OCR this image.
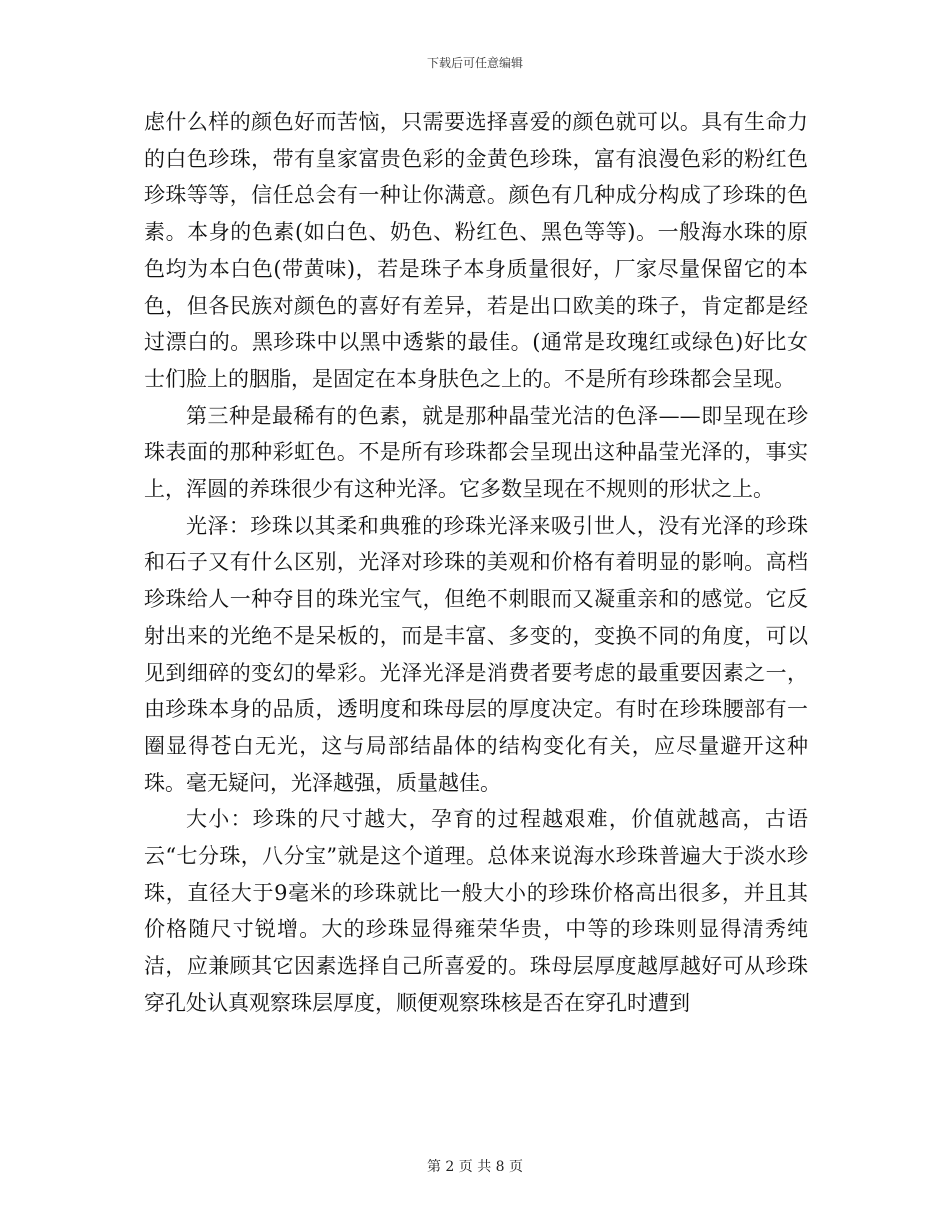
下载后可任意编辑

虑什么样的颜色好而苦恼，只需要选择喜爱的颜色就可以。具有生命力的白色珍珠，带有皇家富贵色彩的金黄色珍珠，富有浪漫色彩的粉红色珍珠等等，信任总会有一种让你满意。颜色有几种成分构成了珍珠的色素。本身的色素(如白色、奶色、粉红色、黑色等等)。一般海水珠的原色均为本白色(带黄味)，若是珠子本身质量很好，厂家尽量保留它的本色，但各民族对颜色的喜好有差异，若是出口欧美的珠子，肯定都是经过漂白的。黑珍珠中以黑中透紫的最佳。(通常是玫瑰红或绿色)好比女士们脸上的胭脂，是固定在本身肤色之上的。不是所有珍珠都会呈现。

第三种是最稀有的色素，就是那种晶莹光洁的色泽——即呈现在珍珠表面的那种彩虹色。不是所有珍珠都会呈现出这种晶莹光泽的，事实上，浑圆的养珠很少有这种光泽。它多数呈现在不规则的形状之上。

光泽：珍珠以其柔和典雅的珍珠光泽来吸引世人，没有光泽的珍珠和石子又有什么区别，光泽对珍珠的美观和价格有着明显的影响。高档珍珠给人一种夺目的珠光宝气，但绝不刺眼而又凝重亲和的感觉。它反射出来的光绝不是呆板的，而是丰富、多变的，变换不同的角度，可以见到细碎的变幻的晕彩。光泽光泽是消费者要考虑的最重要因素之一，由珍珠本身的品质，透明度和珠母层的厚度决定。有时在珍珠腰部有一圈显得苍白无光，这与局部结晶体的结构变化有关，应尽量避开这种珠。毫无疑问，光泽越强，质量越佳。

大小：珍珠的尺寸越大，孕育的过程越艰难，价值就越高，古语云“七分珠，八分宝”就是这个道理。总体来说海水珍珠普遍大于淡水珍珠，直径大于9毫米的珍珠就比一般大小的珍珠价格高出很多，并且其价格随尺寸锐增。大的珍珠显得雍荣华贵，中等的珍珠则显得清秀纯洁，应兼顾其它因素选择自己所喜爱的。珠母层厚度越厚越好可从珍珠穿孔处认真观察珠层厚度，顺便观察珠核是否在穿孔时遭到

第 2 页 共 8 页
